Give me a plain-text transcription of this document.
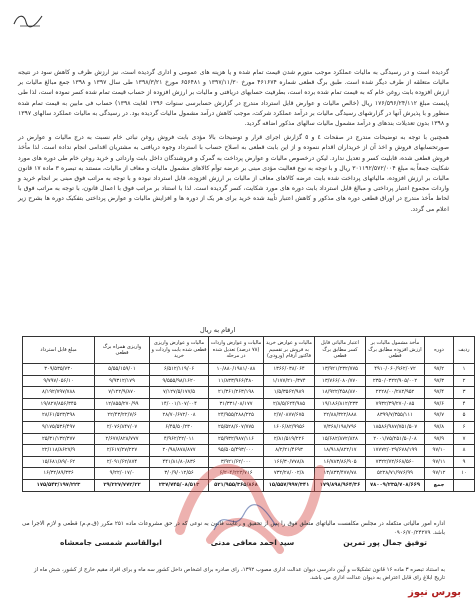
گردیده است و در رسیدگی به مالیات عملکرد موجب متورم شدن قیمت تمام شده و یا هزینه های عمومی و اداری گردیده است، نیز ارزش ظرف و کاهش سود در نتیجه مالیات متعلقه از طرف دیگر شده است. طبق برگ قطعی شماره ۴۶۱۶۷۴ مورخ ۱۳۹۷/۱۱/۳۰ و ۶۵۶۴۸۱ مورخ ۱۳۹۸/۳/۲۱ طی سال ۱۳۹۷ و ۱۳۹۸ جمع مبالغ مالیات بر ارزش افزوده بابت روغن خام که به قیمت تمام شده برده است، بطرفیت حسابهای دریافتی و مالیات بر ارزش افزوده از حساب قیمت تمام شده کسر نموده است، لذا طی پایست مبلغ ۱۷۶/۵۹۶/۲۴/۱۱۲ ریال (خالص مالیات و عوارض قابل استرداد مندرج در گزارش حسابرسی سنوات ۱۳۹۶ لغایت ۱۳۹۸) حساب فی مابین به قیمت تمام شده منظور و با پذیرش آنها در گزارشهای رسیدگی مالیات بر درآمد عملکرد شرکت، موجب کاهش درآمد مشمول مالیات گردیده بود. در رسیدگی به مالیات عملکرد سالهای ۱۳۹۷ و ۱۳۹۸ بدون تعدیلات بندهای و درآمد مشمول مالیات سالهای مذکور اضافه گردید.

همچنین با توجه به توضیحات مندرج در صفحات ٤ و ٥ گزارش اجرای قرار و توضیحات بالا مؤدی بابت فروش روغن نباتی خام نسبت به درج مالیات و عوارض در صورتحسابهای فروش و اخذ آن از خریداران اقدام ننموده و از این بابت قطعی به اصلاح حساب با استرداد وجوه دریافتی به مشتریان اقدامی انجام نداده است. لذا مأخذ فروش قطعی شده، قابلیت کسر و تعدیل ندارد. لیکن درخصوص مالیات و عوارض پرداخت به گمرک و فروشندگان داخل بابت وارداتی و خرید روغن خام طی دوره های مورد شکایت جمعاً به مبلغ ۳۰۱۱۹۲/۵۷۲/۰۰۴ ریال و با توجه به نوع فعالیت مؤدی مبنی بر عرضه توأم کالاهای مشمول مالیات و معاف از مالیات، مستند به تبصره ۳ ماده ۱۷ قانون مالیات بر ارزش افزوده، مالیاتهای پرداخت شده بابت عرضه کالاهای معاف از مالیات بر ارزش افزوده، قابل استرداد نبوده و با توجه به مراتب فوق مبنی بر انجام خرید و واردات مجموع اعتبار پرداختی و مبالغ قابل استرداد بابت دوره های مورد شکایت، کسر گردیده است. لذا با استناد بر مراتب فوق با اعمال قانون، با توجه به مراتب فوق با لحاظ مأخذ مندرج در اوراق قطعی دوره های مذکور و کاهش اعتبار تأیید شده خرید برای هر یک از دوره ها و افزایش مالیات و عوارض پرداختی بتفکیک دوره ها بشرح زیر اعلام می گردد.

ارقام به ریال
ردیف	دوره	مأخذ مشمول مالیات بر ارزش افزوده مطابق برگ قطعی	اعتبار مالیاتی قابل کسر مطابق برگ قطعی	مالیات و عوارض خرید به فروش بر تقسیم فاکتور ارقام (ورودی)	مالیات و عوارض واردات (۷۸ درصد) تعدیل شده در مرحله	مالیات و عوارض واریزی قطعی شده بابت واردات و خرید	واریزی همراه برگ قطعی	مبلغ قابل استرداد
۱	۹۷/۲	۴۹۱۰/۰۶۰/۹۶۲/۰۷۲	۱۳/۹۲۱/۲۳۲/۷۷۵	۱۳۶۶/۰۳۸/۰۶۴	۱۰/۸۸۰/۱۹۸۱/۰۸۸	۶/۵۱۲/۱۱۹/۰۶	۵/۵۵/۱۵۹/۰۱	۳۰۹/۵۳۵/۷۳۰
۲	۹۷/۳	۲۳۵۰/۰۳۲۲/۹۰۵/۰۰۲	۱۳/۷۶۶/۰۸۰/۷۷۰	۱/۱۷۷/۲۱۰/۳۷۴	۱۱/۸۳۳/۹۶۶/۴۸۰	۹/۵۵۵/۹۸/۱۶۲۰	۹/۹۳۱۲/۱۷۹	۹/۷۹۷/۰۵۶/۱۰
۳	۹۷/۴	۲۲۲۸/۰۰/۲۸۲/۹۵۲	۱۸/۹۲۲/۴۵۸/۸۷۰	۱/۵/۳۵۶۲/۹۸۹	۲۱/۳۶۱/۲۶۳/۱۹۸	۷/۱۲۷/۵/۱۷۷/۵	۷/۱۲۲/۹/۸۷۰	۸/۱۹۲/۷۹۷/۷۸۸
۴	۹۷/۶	۷۹۳۲/۳۹/۲۷۰/۰۸۵	۱۹/۱۸۶/۸۱۲/۲۳۳	۲/۸/۵/۶۲۴/۹۸۵	۳۱/۳۳۱/۰۸/۱۷۷	۱۴/۰۰۱/۱۰۷/۰۰۴	۱۲/۸۵۵/۲۷۰/۹۹	۱۹/۸۲۷/۸۵۶/۳۴۵
۵	۹۷/۷	۸۳۹۹/۷/۳۵۵/۱۱۱	۲۲/۸۸/۳۲۲/۸۸۸	۲/۷/۰۸۷۷/۶۷۵	۲۴/۹۵۵/۲۸۸/۲۲۵	۲۸/۷۰/۶۷۲/۰۰۸	۲۲/۴۳/۲۲/۷/۶	۲۸/۶۱/۵۲۳/۳۹۸
۶	۹۷/۸	۱۸۵۸۶/۹۸۷/۷۵۱/۵۰۷	۷/۳۶۸/۱۹۸/۷۹۶	۱۶۰۶/۸۲/۹۹۵۶	۲۵/۵۲۸/۶۰۷/۷۷۵	۶/۴۵/۵۰/۲۳۰	۲/۰۷۶/۸۴۷/۰۷	۹/۱۷۵/۵۳۶/۴۹۷
۷	۹۷/۹	۲۰۰۱/۷۵/۲۵۱/۵۰/۰۸	۱۵/۶۸۲/۸۷۲/۸۲۸	۲/۸۱/۵۱۹/۲۲۶	۲۵/۹۳۲/۹۸۷/۱۱۶	۴/۹۶۲/۲۲/۰۱۱	۲/۶۷۷/۸۲۸/۷۷۷	۲۵/۳۱/۱۳۲/۳۷۷
۸	۹۷/۱۰	۱۷۷۷۲/۰۲۹/۶۷۸/۱۹۹	۱۸/۹۱۸/۸۲۲/۱۷	۸/۲/۲۱/۴۶۹۳	۹۵/۵۰۵/۴۹۳/۰۰۰	۲۰/۹۸/۸۷۸/۸۷۷	۲/۶۱۷/۲۷/۲۲۷	۲۲/۱۱۸/۸۶۲۷/۹
۹	۹۷/۱۱	۷۳۲۲/۷۲/۶۶۸/۵۶۰	۱۶/۷۸۳/۸۶/۹۰۵	۱۶۶/۳۰/۷۷۸/۸	۳/۹۲۱/۶۲/۰۰۰	۴۴۱/۸۱/۸۰/۸۳۶	۲/۰۹۱/۶۲/۸۷۴	۱۵/۶۸۱/۸۹/۰۶۲
۱۰	۹۷/۱۲	۵۲۲۸/۷۱/۹۷۶/۹۹	۱۳/۸۳۳/۴۷۷/۷۸	۷۳۲/۲۸/۰۰۲/۸	۶/۲۰۴/۲۲۳/۷۱۶	۳/۰/۹/۰۱۲/۵۶	۹/۲۲/۰۱۷/۰	۱۶/۳۲/۸۹/۳۳۶
	جمع	۷۸۰۰۹/۲۳۵/۷۰۸/۶۶۹	۱۷۹/۸۹۸/۹۶۴/۳۶	۱۵/۵۵۷/۹۹۷/۳۴۱	۵۲۱/۹۵۵/۳۶۵/۸۶۸	۲۳۷/۷۴۵/۰۸/۵۱۳	۲۹/۲۲۷/۷۷۲/۲۲	۱۷۵/۵۴۳/۱۹۷/۲۲۳
اداره امور مالیاتی متکفله در مجلس مکلفست مالیاتهای متعلق فوق را پس از تحقیق و رعایت قانون به نوعی که در حق مشروعات ماده ۲۵۱ مکرر (ق.م.م) قطعی و لازم الاجرا می باشد. ۰۹۰۶/۷۰/۲۴۲۷۹
توفیق جمال پور تمرین
سید احمد معافی مدنی
ابوالقاسم شمسی جامعشاه
به استناد تبصره ۳ ماده ۱۶ قانون تشکیلات و آیین دادرسی دیوان عدالت اداری مصوب ۱۳۹۲، رای صادره برای اشخاص داخل کشور سه ماه و برای افراد مقیم خارج از کشور، شش ماه از تاریخ ابلاغ رای قابل اعتراض به دیوان عدالت اداری می باشد.
بورس نیوز
